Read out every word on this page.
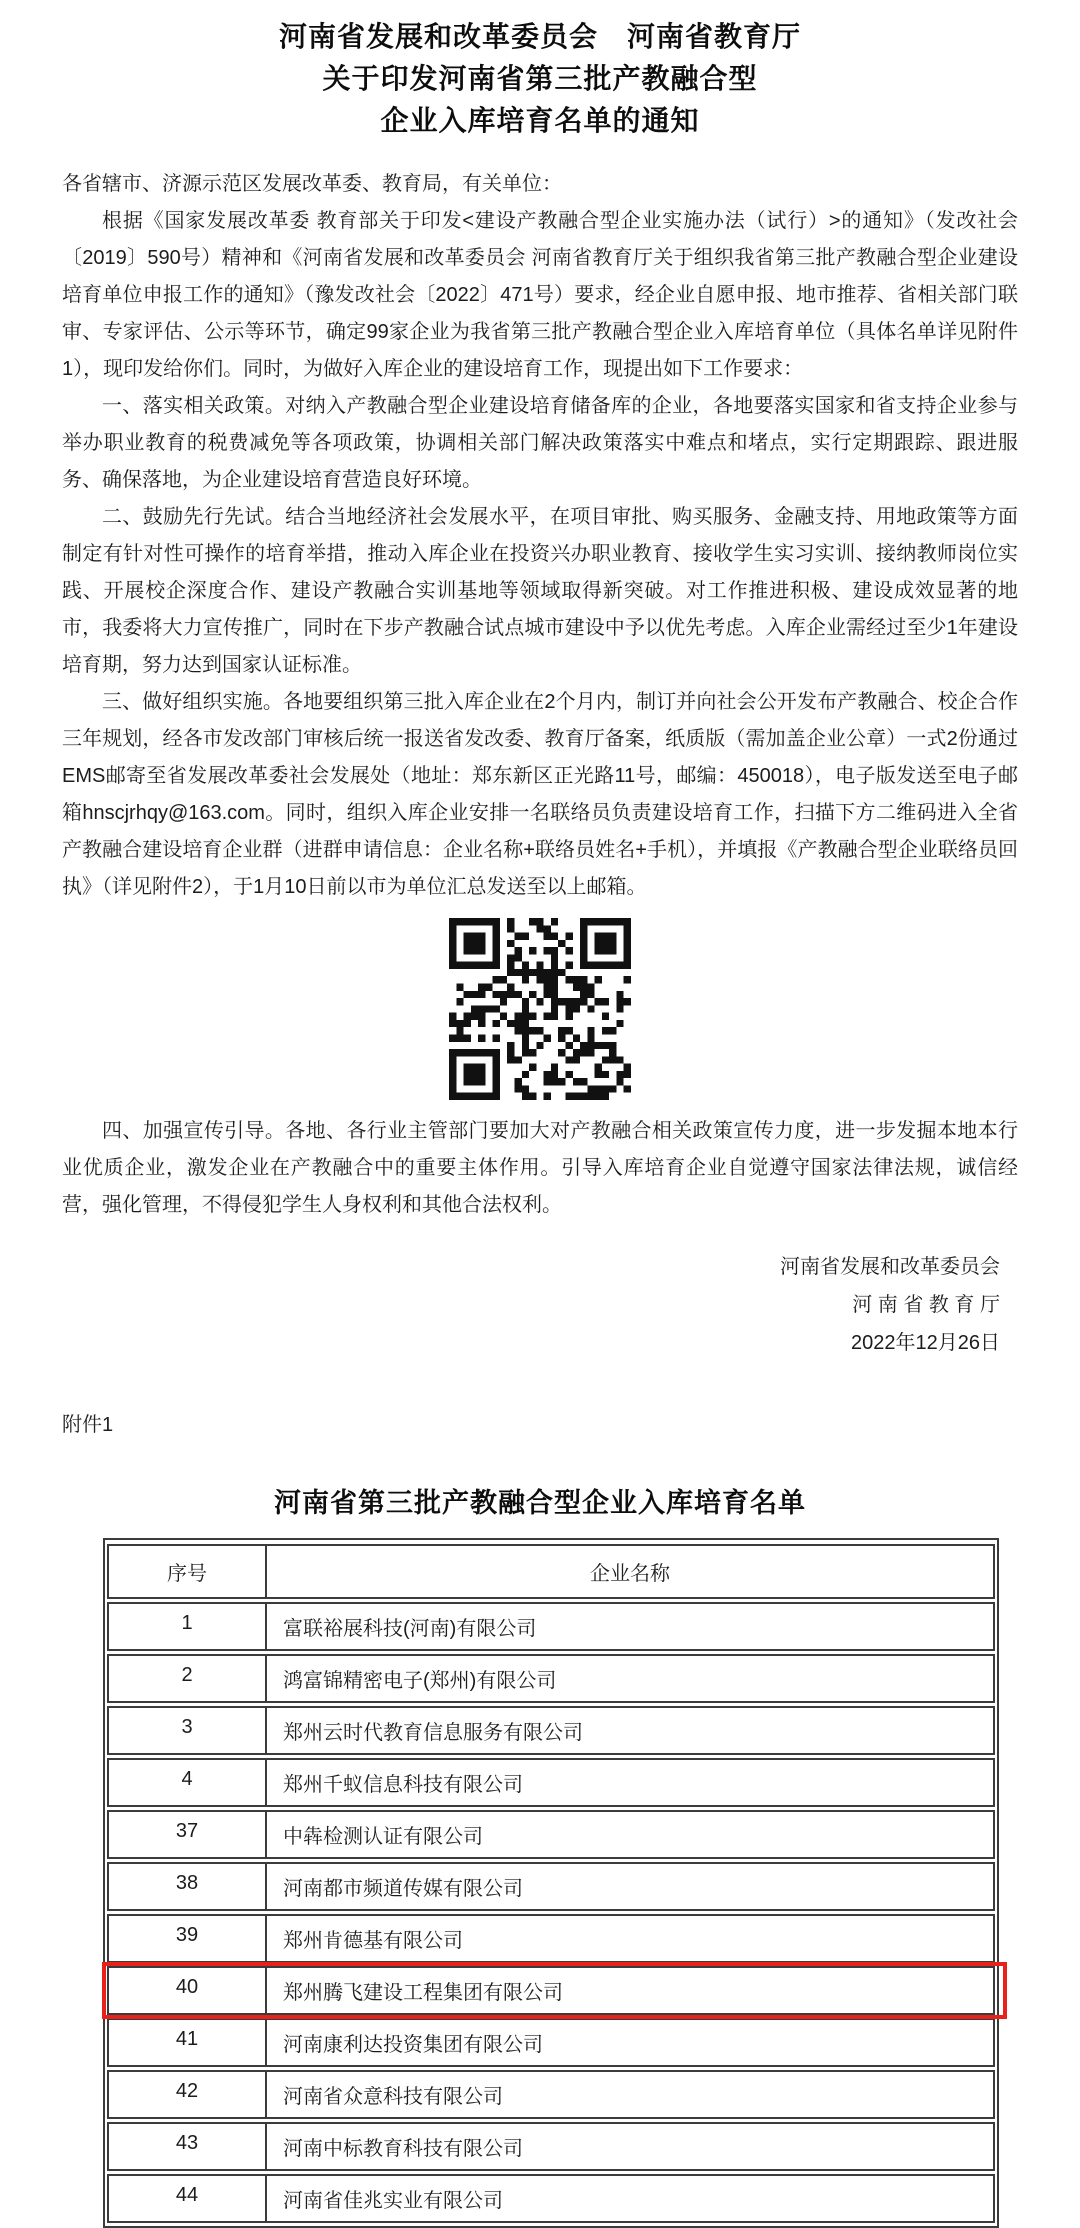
河南省发展和改革委员会　河南省教育厅
关于印发河南省第三批产教融合型
企业入库培育名单的通知

各省辖市、济源示范区发展改革委、教育局，有关单位：

根据《国家发展改革委 教育部关于印发<建设产教融合型企业实施办法（试行）>的通知》（发改社会〔2019〕590号）精神和《河南省发展和改革委员会 河南省教育厅关于组织我省第三批产教融合型企业建设培育单位申报工作的通知》（豫发改社会〔2022〕471号）要求，经企业自愿申报、地市推荐、省相关部门联审、专家评估、公示等环节，确定99家企业为我省第三批产教融合型企业入库培育单位（具体名单详见附件1），现印发给你们。同时，为做好入库企业的建设培育工作，现提出如下工作要求：

一、落实相关政策。对纳入产教融合型企业建设培育储备库的企业，各地要落实国家和省支持企业参与举办职业教育的税费减免等各项政策，协调相关部门解决政策落实中难点和堵点，实行定期跟踪、跟进服务、确保落地，为企业建设培育营造良好环境。

二、鼓励先行先试。结合当地经济社会发展水平，在项目审批、购买服务、金融支持、用地政策等方面制定有针对性可操作的培育举措，推动入库企业在投资兴办职业教育、接收学生实习实训、接纳教师岗位实践、开展校企深度合作、建设产教融合实训基地等领域取得新突破。对工作推进积极、建设成效显著的地市，我委将大力宣传推广，同时在下步产教融合试点城市建设中予以优先考虑。入库企业需经过至少1年建设培育期，努力达到国家认证标准。

三、做好组织实施。各地要组织第三批入库企业在2个月内，制订并向社会公开发布产教融合、校企合作三年规划，经各市发改部门审核后统一报送省发改委、教育厅备案，纸质版（需加盖企业公章）一式2份通过EMS邮寄至省发展改革委社会发展处（地址：郑东新区正光路11号，邮编：450018），电子版发送至电子邮箱hnscjrhqy@163.com。同时，组织入库企业安排一名联络员负责建设培育工作，扫描下方二维码进入全省产教融合建设培育企业群（进群申请信息：企业名称+联络员姓名+手机），并填报《产教融合型企业联络员回执》（详见附件2），于1月10日前以市为单位汇总发送至以上邮箱。

四、加强宣传引导。各地、各行业主管部门要加大对产教融合相关政策宣传力度，进一步发掘本地本行业优质企业，激发企业在产教融合中的重要主体作用。引导入库培育企业自觉遵守国家法律法规，诚信经营，强化管理，不得侵犯学生人身权利和其他合法权利。

河南省发展和改革委员会
河 南 省 教 育 厅
2022年12月26日
附件1
河南省第三批产教融合型企业入库培育名单
序号	企业名称
1	富联裕展科技(河南)有限公司
2	鸿富锦精密电子(郑州)有限公司
3	郑州云时代教育信息服务有限公司
4	郑州千蚁信息科技有限公司
37	中犇检测认证有限公司
38	河南都市频道传媒有限公司
39	郑州肯德基有限公司
40	郑州腾飞建设工程集团有限公司
41	河南康利达投资集团有限公司
42	河南省众意科技有限公司
43	河南中标教育科技有限公司
44	河南省佳兆实业有限公司
